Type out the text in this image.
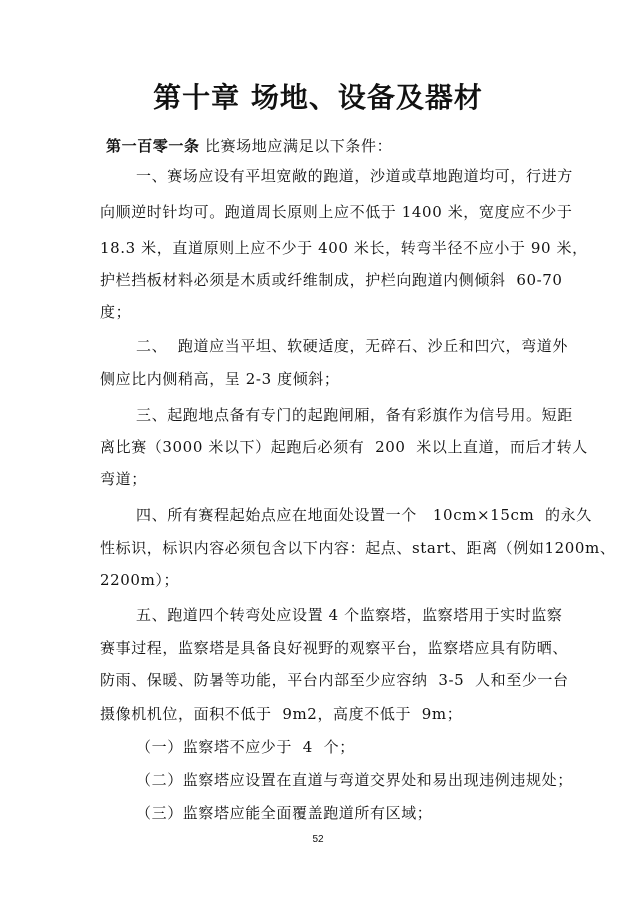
第十章 场地、设备及器材
第一百零一条 比赛场地应满足以下条件：
一、赛场应设有平坦宽敞的跑道，沙道或草地跑道均可，行进方
向顺逆时针均可。跑道周长原则上应不低于 1400 米，宽度应不少于
18.3 米，直道原则上应不少于 400 米长，转弯半径不应小于 90 米，
护栏挡板材料必须是木质或纤维制成，护栏向跑道内侧倾斜  60-70
度；
二、  跑道应当平坦、软硬适度，无碎石、沙丘和凹穴，弯道外
侧应比内侧稍高，呈 2-3 度倾斜；
三、起跑地点备有专门的起跑闸厢，备有彩旗作为信号用。短距
离比赛（3000 米以下）起跑后必须有  200  米以上直道，而后才转人
弯道；
四、所有赛程起始点应在地面处设置一个   10cm×15cm  的永久
性标识，标识内容必须包含以下内容：起点、start、距离（例如1200m、
2200m）；
五、跑道四个转弯处应设置 4 个监察塔，监察塔用于实时监察
赛事过程，监察塔是具备良好视野的观察平台，监察塔应具有防晒、
防雨、保暖、防暑等功能，平台内部至少应容纳  3-5  人和至少一台
摄像机机位，面积不低于  9m2，高度不低于  9m；
（一）监察塔不应少于  4  个；
（二）监察塔应设置在直道与弯道交界处和易出现违例违规处；
（三）监察塔应能全面覆盖跑道所有区域；
52
